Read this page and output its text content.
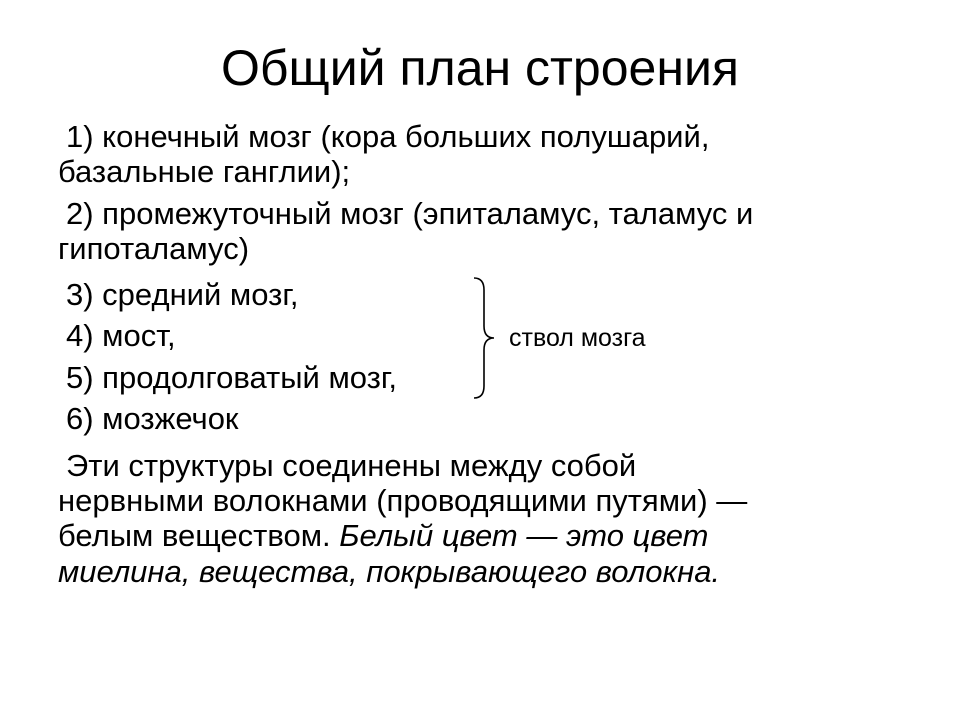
Общий план строения
1) конечный мозг (кора больших полушарий,
базальные ганглии);
2) промежуточный мозг (эпиталамус, таламус и
гипоталамус)
3) средний мозг,
4) мост,
5) продолговатый мозг,
6) мозжечок
ствол мозга
Эти структуры соединены между собой
нервными волокнами (проводящими путями) —
белым веществом. Белый цвет — это цвет
миелина, вещества, покрывающего волокна.
